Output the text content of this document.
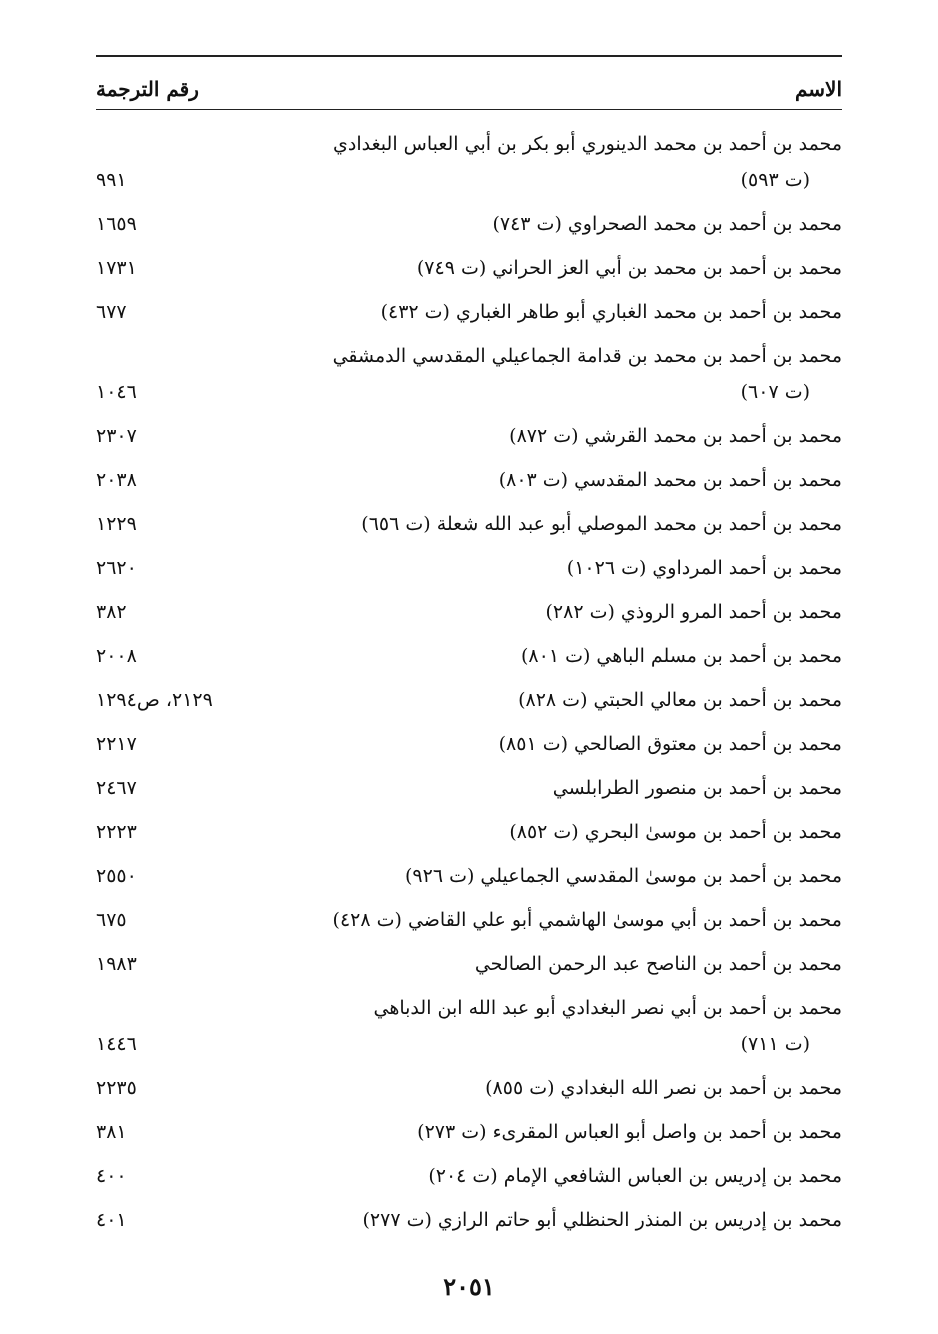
الاسم
رقم الترجمة
محمد بن أحمد بن محمد الدينوري أبو بكر بن أبي العباس البغدادي
(ت ٥٩٣)
٩٩١
محمد بن أحمد بن محمد الصحراوي (ت ٧٤٣)
١٦٥٩
محمد بن أحمد بن محمد بن أبي العز الحراني (ت ٧٤٩)
١٧٣١
محمد بن أحمد بن محمد الغباري أبو طاهر الغباري (ت ٤٣٢)
٦٧٧
محمد بن أحمد بن محمد بن قدامة الجماعيلي المقدسي الدمشقي
(ت ٦٠٧)
١٠٤٦
محمد بن أحمد بن محمد القرشي (ت ٨٧٢)
٢٣٠٧
محمد بن أحمد بن محمد المقدسي (ت ٨٠٣)
٢٠٣٨
محمد بن أحمد بن محمد الموصلي أبو عبد الله شعلة (ت ٦٥٦)
١٢٢٩
محمد بن أحمد المرداوي (ت ١٠٢٦)
٢٦٢٠
محمد بن أحمد المرو الروذي (ت ٢٨٢)
٣٨٢
محمد بن أحمد بن مسلم الباهي (ت ٨٠١)
٢٠٠٨
محمد بن أحمد بن معالي الحبتي (ت ٨٢٨)
٢١٢٩، ص١٢٩٤
محمد بن أحمد بن معتوق الصالحي (ت ٨٥١)
٢٢١٧
محمد بن أحمد بن منصور الطرابلسي
٢٤٦٧
محمد بن أحمد بن موسىٰ البحري (ت ٨٥٢)
٢٢٢٣
محمد بن أحمد بن موسىٰ المقدسي الجماعيلي (ت ٩٢٦)
٢٥٥٠
محمد بن أحمد بن أبي موسىٰ الهاشمي أبو علي القاضي (ت ٤٢٨)
٦٧٥
محمد بن أحمد بن الناصح عبد الرحمن الصالحي
١٩٨٣
محمد بن أحمد بن أبي نصر البغدادي أبو عبد الله ابن الدباهي
(ت ٧١١)
١٤٤٦
محمد بن أحمد بن نصر الله البغدادي (ت ٨٥٥)
٢٢٣٥
محمد بن أحمد بن واصل أبو العباس المقرىء (ت ٢٧٣)
٣٨١
محمد بن إدريس بن العباس الشافعي الإمام (ت ٢٠٤)
٤٠٠
محمد بن إدريس بن المنذر الحنظلي أبو حاتم الرازي (ت ٢٧٧)
٤٠١
٢٠٥١
